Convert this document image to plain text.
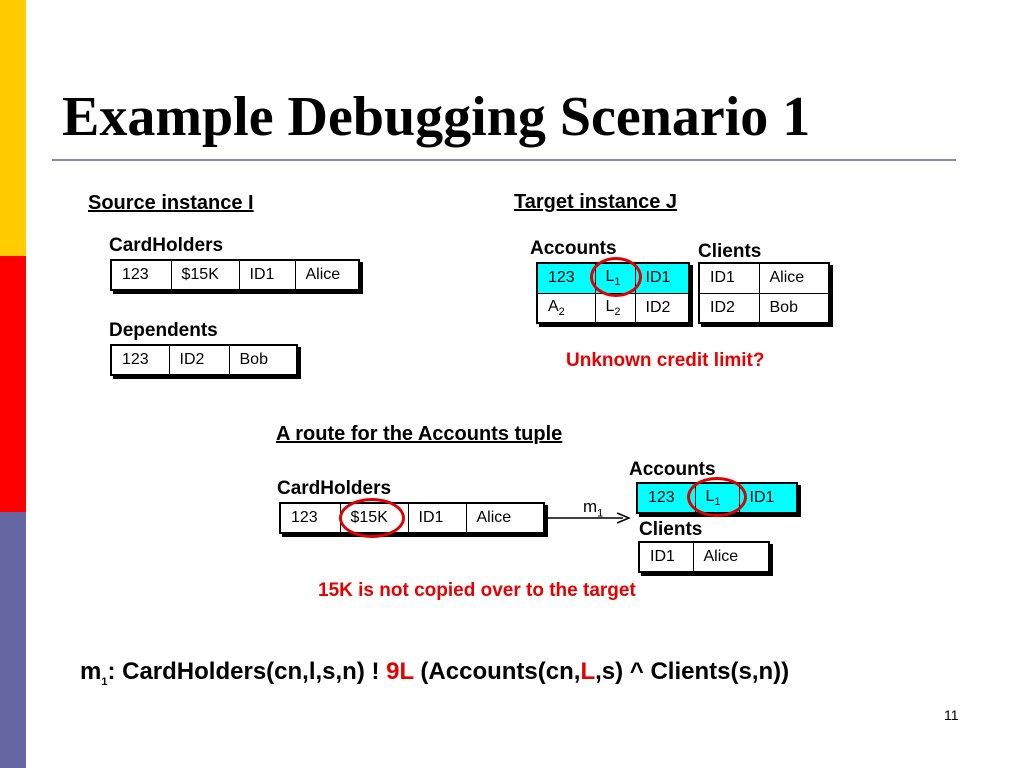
Example Debugging Scenario 1
Source instance I
CardHolders
123	$15K	ID1	Alice
Dependents
123	ID2	Bob
Target instance J
Accounts
123	$L_1$	ID1
$A_2$	$L_2$	ID2
Clients
ID1	Alice
ID2	Bob
Unknown credit limit?
A route for the Accounts tuple
CardHolders
123	$15K	ID1	Alice
$m_1$
Accounts
123	$L_1$	ID1
Clients
ID1	Alice
15K is not copied over to the target
$m_1$: CardHolders(cn,l,s,n) ! 9L (Accounts(cn,L,s) ^ Clients(s,n))
11
